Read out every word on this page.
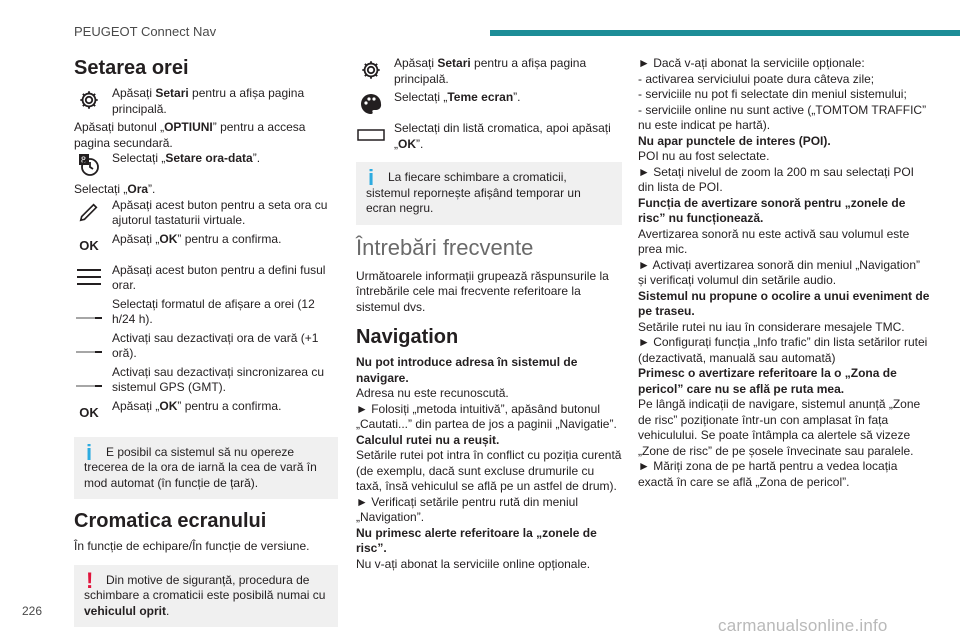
PEUGEOT Connect Nav
Setarea orei
Apăsați Setari pentru a afișa pagina principală.
Apăsați butonul „OPTIUNI” pentru a accesa pagina secundară.
8 Selectați „Setare ora-data”.
Selectați „Ora”.
Apăsați acest buton pentru a seta ora cu ajutorul tastaturii virtuale.
OK	Apăsați „OK” pentru a confirma.
Apăsați acest buton pentru a defini fusul orar.
Selectați formatul de afișare a orei (12 h/24 h).
Activați sau dezactivați ora de vară (+1 oră).
Activați sau dezactivați sincronizarea cu sistemul GPS (GMT).
OK	Apăsați „OK” pentru a confirma.
i	E posibil ca sistemul să nu opereze trecerea de la ora de iarnă la cea de vară în mod automat (în funcție de țară).
Cromatica ecranului
În funcție de echipare/În funcție de versiune.
!	Din motive de siguranță, procedura de schimbare a cromaticii este posibilă numai cu vehiculul oprit.
Apăsați Setari pentru a afișa pagina principală.
Selectați „Teme ecran”.
Selectați din listă cromatica, apoi apăsați „OK”.
i	La fiecare schimbare a cromaticii, sistemul repornește afișând temporar un ecran negru.
Întrebări frecvente
Următoarele informații grupează răspunsurile la întrebările cele mai frecvente referitoare la sistemul dvs.
Navigation
Nu pot introduce adresa în sistemul de navigare.
Adresa nu este recunoscută.
► Folosiți „metoda intuitivă”, apăsând butonul „Cautati...” din partea de jos a paginii „Navigatie”.
Calculul rutei nu a reușit.
Setările rutei pot intra în conflict cu poziția curentă (de exemplu, dacă sunt excluse drumurile cu taxă, însă vehiculul se află pe un astfel de drum).
► Verificați setările pentru rută din meniul „Navigation”.
Nu primesc alerte referitoare la „zonele de risc”.
Nu v-ați abonat la serviciile online opționale.
► Dacă v-ați abonat la serviciile opționale:
- activarea serviciului poate dura câteva zile;
- serviciile nu pot fi selectate din meniul sistemului;
- serviciile online nu sunt active („TOMTOM TRAFFIC” nu este indicat pe hartă).
Nu apar punctele de interes (POI).
POI nu au fost selectate.
► Setați nivelul de zoom la 200 m sau selectați POI din lista de POI.
Funcția de avertizare sonoră pentru „zonele de risc” nu funcționează.
Avertizarea sonoră nu este activă sau volumul este prea mic.
► Activați avertizarea sonoră din meniul „Navigation” și verificați volumul din setările audio.
Sistemul nu propune o ocolire a unui eveniment de pe traseu.
Setările rutei nu iau în considerare mesajele TMC.
► Configurați funcția „Info trafic” din lista setărilor rutei (dezactivată, manuală sau automată)
Primesc o avertizare referitoare la o „Zona de pericol” care nu se află pe ruta mea.
Pe lângă indicații de navigare, sistemul anunță „Zone de risc” poziționate într-un con amplasat în fața vehiculului. Se poate întâmpla ca alertele să vizeze „Zone de risc” de pe șosele învecinate sau paralele.
► Măriți zona de pe hartă pentru a vedea locația exactă în care se află „Zona de pericol”.
226
carmanualsonline.info
